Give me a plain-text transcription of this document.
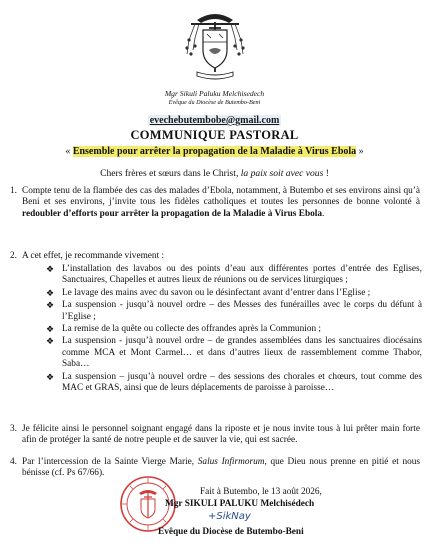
Mgr Sikuli Paluku Melchisedech
Évêque du Diocèse de Butembo-Beni
evechebutembobe@gmail.com
COMMUNIQUE PASTORAL
« Ensemble pour arrêter la propagation de la Maladie à Virus Ebola »
Chers frères et sœurs dans le Christ, la paix soit avec vous !
1. Compte tenu de la flambée des cas des malades d’Ebola, notamment, à Butembo et ses environs ainsi qu’à Beni et ses environs, j’invite tous les fidèles catholiques et toutes les personnes de bonne volonté à redoubler d’efforts pour arrêter la propagation de la Maladie à Virus Ebola.
2. A cet effet, je recommande vivement :
❖ L’installation des lavabos ou des points d’eau aux différentes portes d’entrée des Eglises, Sanctuaires, Chapelles et autres lieux de réunions ou de services liturgiques ;
❖ Le lavage des mains avec du savon ou le désinfectant avant d’entrer dans l’Eglise ;
❖ La suspension - jusqu’à nouvel ordre – des Messes des funérailles avec le corps du défunt à l’Eglise ;
❖ La remise de la quête ou collecte des offrandes après la Communion ;
❖ La suspension - jusqu’à nouvel ordre – de grandes assemblées dans les sanctuaires diocésains comme MCA et Mont Carmel… et dans d’autres lieux de rassemblement comme Thabor, Saba…
❖ La suspension – jusqu’à nouvel ordre – des sessions des chorales et chœurs, tout comme des MAC et GRAS, ainsi que de leurs déplacements de paroisse à paroisse…
3. Je félicite ainsi le personnel soignant engagé dans la riposte et je nous invite tous à lui prêter main forte afin de protéger la santé de notre peuple et de sauver la vie, qui est sacrée.
4. Par l’intercession de la Sainte Vierge Marie, Salus Infirmorum, que Dieu nous prenne en pitié et nous bénisse (cf. Ps 67/66).
Fait à Butembo, le 13 août 2026,
Mgr SIKULI PALUKU Melchisédech
+SikNay
Evêque du Diocèse de Butembo-Beni
